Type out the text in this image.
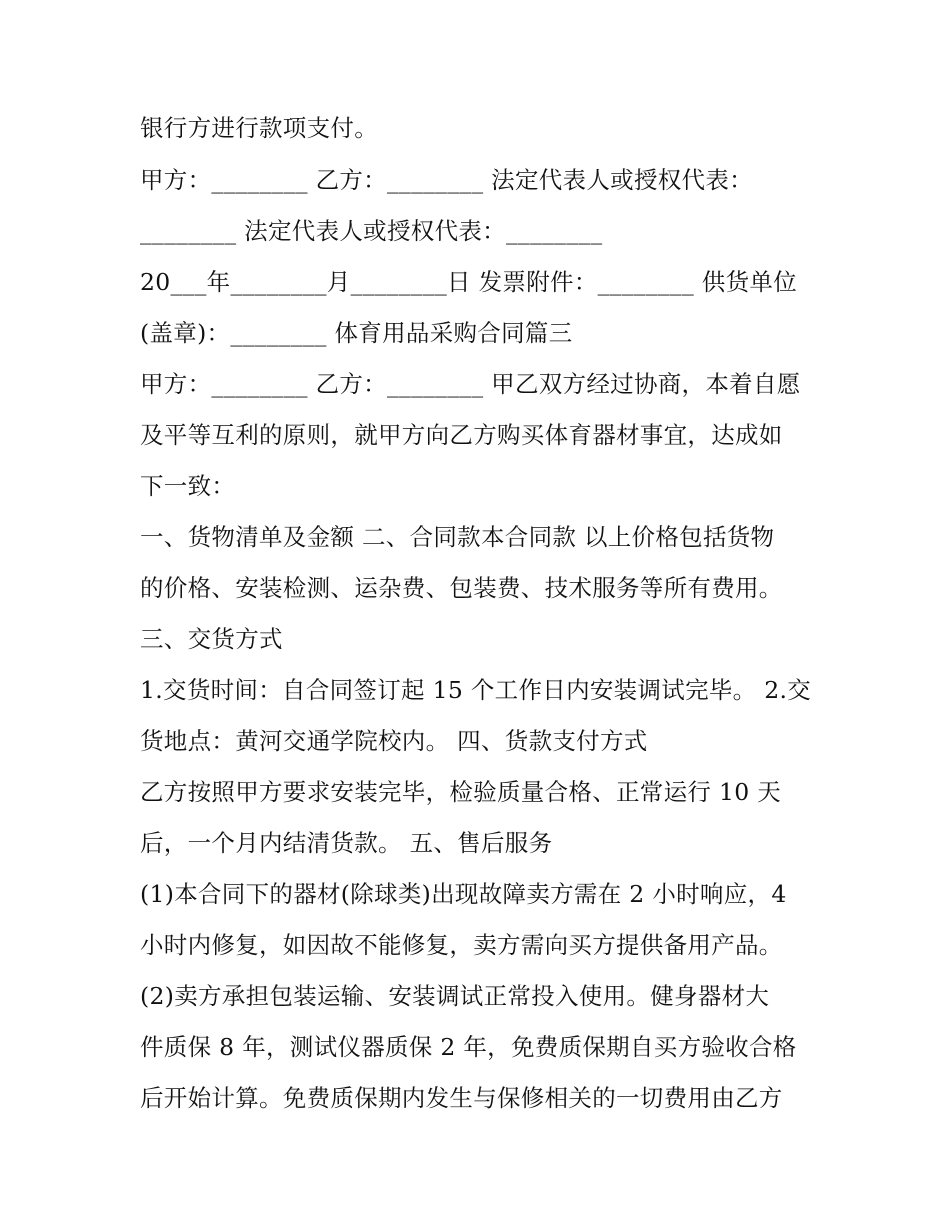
银行方进行款项支付。
甲方：________ 乙方：________ 法定代表人或授权代表：
________ 法定代表人或授权代表：________
20___年________月________日 发票附件：________ 供货单位
(盖章)：________ 体育用品采购合同篇三
甲方：________ 乙方：________ 甲乙双方经过协商，本着自愿
及平等互利的原则，就甲方向乙方购买体育器材事宜，达成如
下一致：
一、货物清单及金额 二、合同款本合同款 以上价格包括货物
的价格、安装检测、运杂费、包装费、技术服务等所有费用。
三、交货方式
1.交货时间：自合同签订起 15 个工作日内安装调试完毕。 2.交
货地点：黄河交通学院校内。 四、货款支付方式
乙方按照甲方要求安装完毕，检验质量合格、正常运行 10 天
后，一个月内结清货款。 五、售后服务
(1)本合同下的器材(除球类)出现故障卖方需在 2 小时响应，4
小时内修复，如因故不能修复，卖方需向买方提供备用产品。
(2)卖方承担包装运输、安装调试正常投入使用。健身器材大
件质保 8 年，测试仪器质保 2 年，免费质保期自买方验收合格
后开始计算。免费质保期内发生与保修相关的一切费用由乙方
